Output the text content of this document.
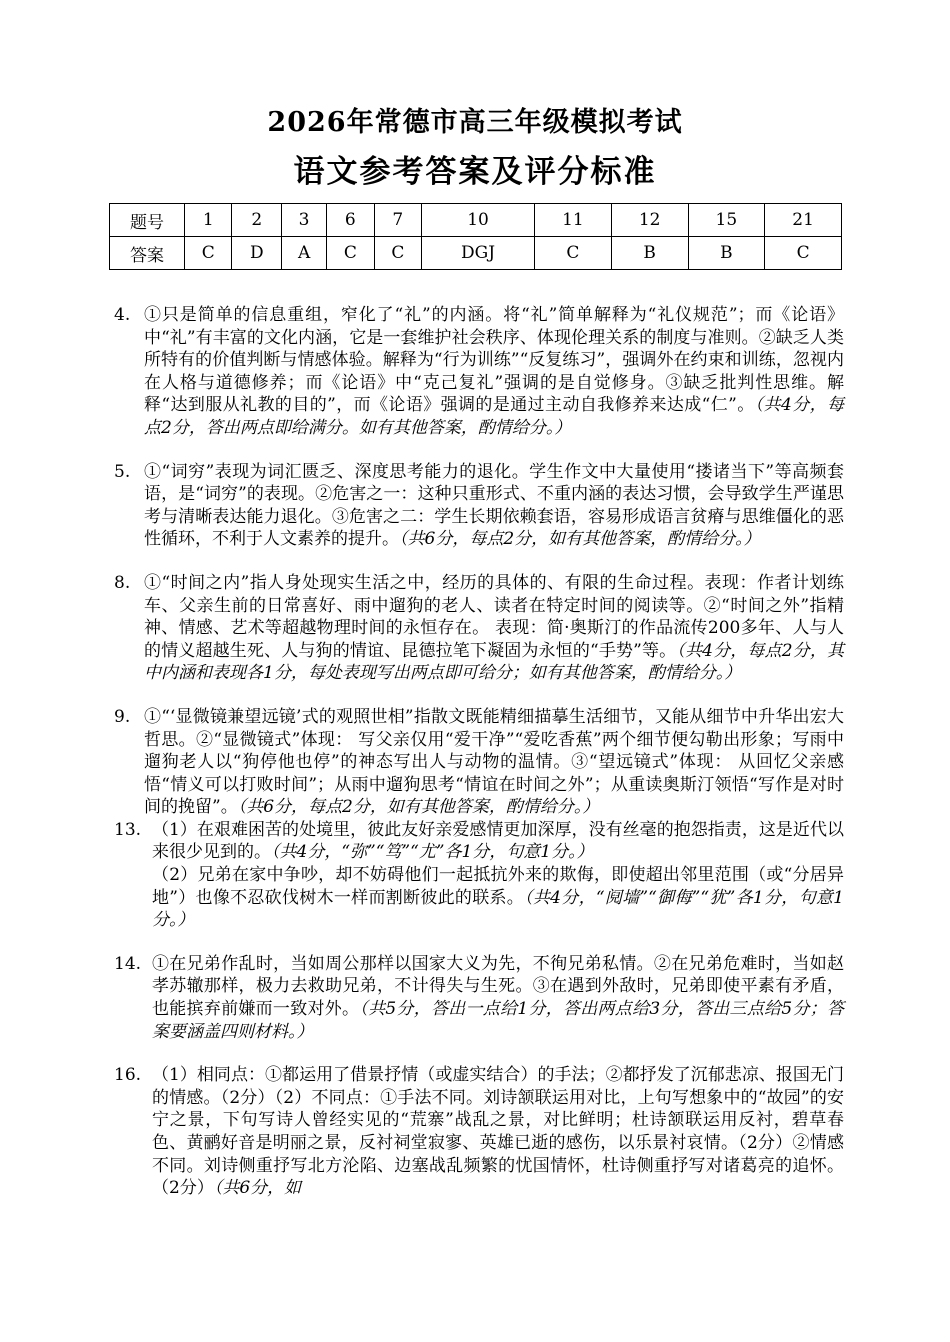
2026年常德市高三年级模拟考试
语文参考答案及评分标准
题号	1	2	3	6	7	10	11	12	15	21
答案	C	D	A	C	C	DGJ	C	B	B	C
4. ①只是简单的信息重组，窄化了“礼”的内涵。将“礼”简单解释为“礼仪规范”；而《论语》中“礼”有丰富的文化内涵，它是一套维护社会秩序、体现伦理关系的制度与准则。②缺乏人类所特有的价值判断与情感体验。解释为“行为训练”“反复练习”，强调外在约束和训练，忽视内在人格与道德修养；而《论语》中“克己复礼”强调的是自觉修身。③缺乏批判性思维。解释“达到服从礼教的目的”，而《论语》强调的是通过主动自我修养来达成“仁”。（共4分，每点2分，答出两点即给满分。如有其他答案，酌情给分。）
5. ①“词穷”表现为词汇匮乏、深度思考能力的退化。学生作文中大量使用“搂诸当下”等高频套语，是“词穷”的表现。②危害之一：这种只重形式、不重内涵的表达习惯，会导致学生严谨思考与清晰表达能力退化。③危害之二：学生长期依赖套语，容易形成语言贫瘠与思维僵化的恶性循环，不利于人文素养的提升。（共6分，每点2分，如有其他答案，酌情给分。）
8. ①“时间之内”指人身处现实生活之中，经历的具体的、有限的生命过程。表现：作者计划练车、父亲生前的日常喜好、雨中遛狗的老人、读者在特定时间的阅读等。②“时间之外”指精神、情感、艺术等超越物理时间的永恒存在。 表现：简·奥斯汀的作品流传200多年、人与人的情义超越生死、人与狗的情谊、昆德拉笔下凝固为永恒的“手势”等。（共4分，每点2分，其中内涵和表现各1分，每处表现写出两点即可给分；如有其他答案，酌情给分。）
9. ①“‘显微镜兼望远镜’式的观照世相”指散文既能精细描摹生活细节，又能从细节中升华出宏大哲思。②“显微镜式”体现： 写父亲仅用“爱干净”“爱吃香蕉”两个细节便勾勒出形象；写雨中遛狗老人以“狗停他也停”的神态写出人与动物的温情。③“望远镜式”体现： 从回忆父亲感悟“情义可以打败时间”；从雨中遛狗思考“情谊在时间之外”；从重读奥斯汀领悟“写作是对时间的挽留”。（共6分，每点2分，如有其他答案，酌情给分。）
13. （1）在艰难困苦的处境里，彼此友好亲爱感情更加深厚，没有丝毫的抱怨指责，这是近代以来很少见到的。（共4分，“弥”“笃”“尤”各1分，句意1分。）
（2）兄弟在家中争吵，却不妨碍他们一起抵抗外来的欺侮，即使超出邻里范围（或“分居异地”）也像不忍砍伐树木一样而割断彼此的联系。（共4分，“阋墙”“御侮”“犹”各1分，句意1分。）
14. ①在兄弟作乱时，当如周公那样以国家大义为先，不徇兄弟私情。②在兄弟危难时，当如赵孝苏辙那样，极力去救助兄弟，不计得失与生死。③在遇到外敌时，兄弟即使平素有矛盾，也能摈弃前嫌而一致对外。（共5分，答出一点给1分，答出两点给3分，答出三点给5分；答案要涵盖四则材料。）
16. （1）相同点：①都运用了借景抒情（或虚实结合）的手法；②都抒发了沉郁悲凉、报国无门的情感。（2分）（2）不同点：①手法不同。刘诗颔联运用对比，上句写想象中的“故园”的安宁之景，下句写诗人曾经实见的“荒寨”战乱之景，对比鲜明；杜诗颔联运用反衬，碧草春色、黄鹂好音是明丽之景，反衬祠堂寂寥、英雄已逝的感伤，以乐景衬哀情。（2分）②情感不同。刘诗侧重抒写北方沦陷、边塞战乱频繁的忧国情怀，杜诗侧重抒写对诸葛亮的追怀。（2分）（共6分，如
